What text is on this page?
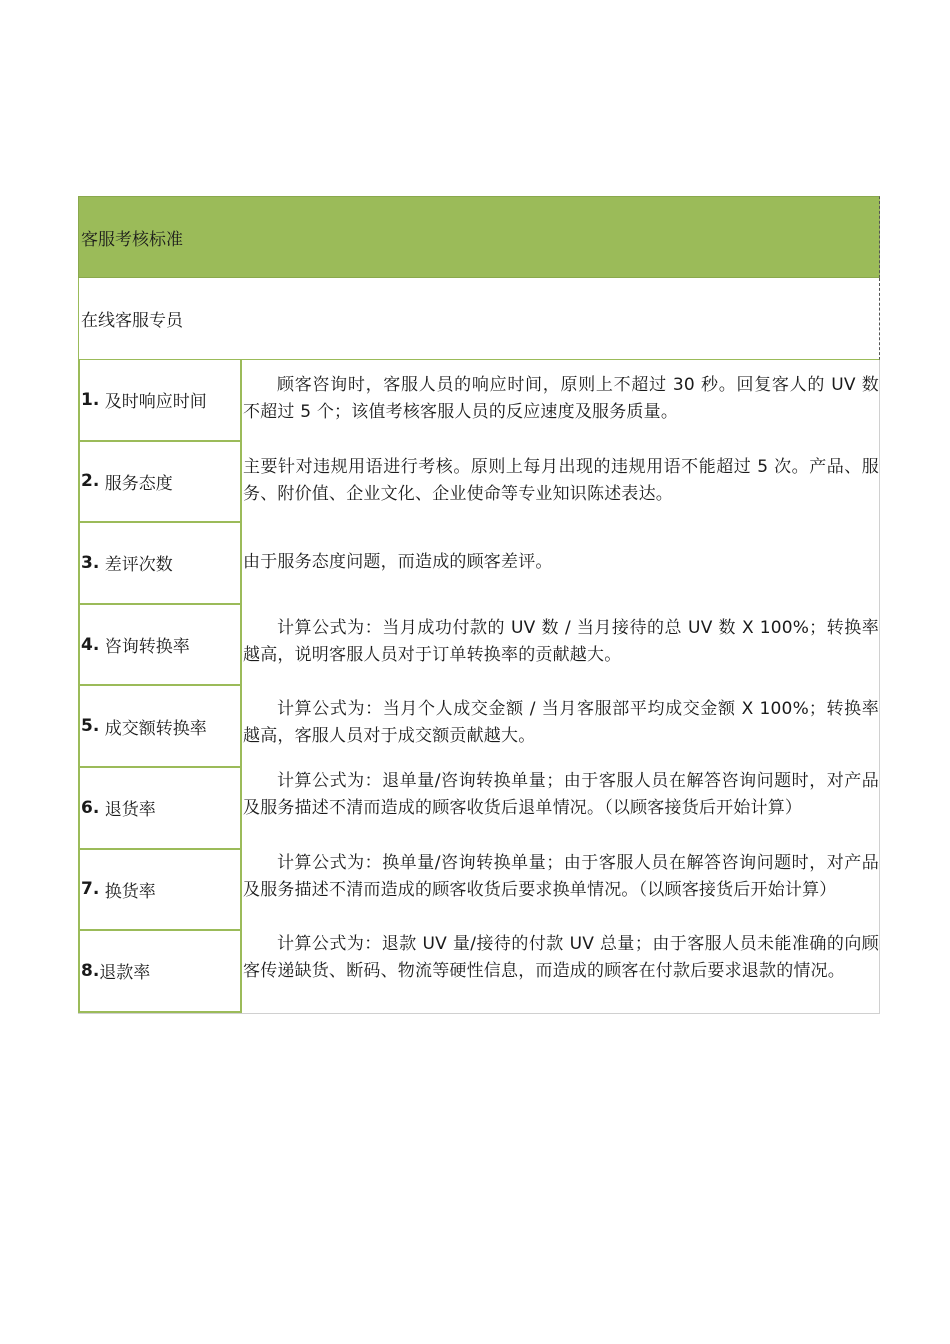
客服考核标准
在线客服专员
1.
及时响应时间
顾客咨询时，客服人员的响应时间，原则上不超过 30 秒。回复客人的 UV 数不超过 5 个；该值考核客服人员的反应速度及服务质量。
2.
服务态度
主要针对违规用语进行考核。原则上每月出现的违规用语不能超过 5 次。产品、服务、附价值、企业文化、企业使命等专业知识陈述表达。
3.
差评次数	由于服务态度问题，而造成的顾客差评。
4.
咨询转换率
计算公式为：当月成功付款的 UV 数 / 当月接待的总 UV 数 X 100%；转换率越高，说明客服人员对于订单转换率的贡献越大。
5.
成交额转换率
计算公式为：当月个人成交金额 / 当月客服部平均成交金额 X 100%；转换率越高，客服人员对于成交额贡献越大。
6.
退货率
计算公式为：退单量/咨询转换单量；由于客服人员在解答咨询问题时，对产品及服务描述不清而造成的顾客收货后退单情况。（以顾客接货后开始计算）
7.
换货率
计算公式为：换单量/咨询转换单量；由于客服人员在解答咨询问题时，对产品及服务描述不清而造成的顾客收货后要求换单情况。（以顾客接货后开始计算）
8. 退款率
计算公式为：退款 UV 量/接待的付款 UV 总量；由于客服人员未能准确的向顾客传递缺货、断码、物流等硬性信息，而造成的顾客在付款后要求退款的情况。
